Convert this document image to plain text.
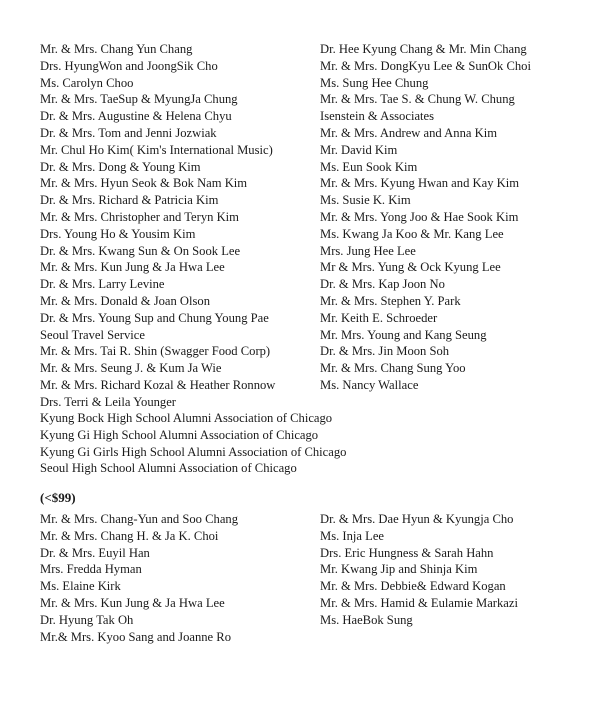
Mr. & Mrs. Chang Yun Chang
Drs. HyungWon and JoongSik Cho
Ms. Carolyn Choo
Mr. & Mrs. TaeSup & MyungJa Chung
Dr. & Mrs. Augustine & Helena Chyu
Dr. & Mrs. Tom and Jenni Jozwiak
Mr. Chul Ho Kim( Kim's International Music)
Dr. & Mrs. Dong & Young Kim
Mr. & Mrs. Hyun Seok & Bok Nam Kim
Dr. & Mrs. Richard & Patricia Kim
Mr. & Mrs. Christopher and Teryn Kim
Drs. Young Ho & Yousim Kim
Dr. & Mrs. Kwang Sun & On Sook Lee
Mr. & Mrs. Kun Jung & Ja Hwa Lee
Dr. & Mrs. Larry Levine
Mr. & Mrs. Donald & Joan Olson
Dr. & Mrs. Young Sup and Chung Young Pae
Seoul Travel Service
Mr. & Mrs. Tai R. Shin (Swagger Food Corp)
Mr. & Mrs. Seung J. & Kum Ja Wie
Mr. & Mrs. Richard Kozal & Heather Ronnow
Drs. Terri & Leila Younger
Dr. Hee Kyung Chang & Mr. Min Chang
Mr. & Mrs. DongKyu Lee & SunOk Choi
Ms. Sung Hee Chung
Mr. & Mrs. Tae S. & Chung W. Chung
Isenstein & Associates
Mr. & Mrs. Andrew and Anna Kim
Mr. David Kim
Ms. Eun Sook Kim
Mr. & Mrs. Kyung Hwan and Kay Kim
Ms. Susie K. Kim
Mr. & Mrs. Yong Joo & Hae Sook Kim
Ms. Kwang Ja Koo & Mr. Kang Lee
Mrs. Jung Hee Lee
Mr & Mrs. Yung & Ock Kyung Lee
Dr. & Mrs. Kap Joon No
Mr. & Mrs. Stephen Y. Park
Mr. Keith E. Schroeder
Mr. Mrs. Young and Kang Seung
Dr. & Mrs. Jin Moon Soh
Mr. & Mrs. Chang Sung Yoo
Ms. Nancy Wallace
Kyung Bock High School Alumni Association of Chicago
Kyung Gi High School Alumni Association of Chicago
Kyung Gi Girls High School Alumni Association of Chicago
Seoul High School Alumni Association of Chicago
(<$99)
Mr. & Mrs. Chang-Yun and Soo Chang
Mr. & Mrs. Chang H. & Ja K. Choi
Dr. & Mrs. Euyil Han
Mrs. Fredda Hyman
Ms. Elaine Kirk
Mr. & Mrs. Kun Jung & Ja Hwa Lee
Dr. Hyung Tak Oh
Mr.& Mrs. Kyoo Sang and Joanne Ro
Dr. & Mrs. Dae Hyun & Kyungja Cho
Ms. Inja Lee
Drs. Eric Hungness & Sarah Hahn
Mr. Kwang Jip and Shinja Kim
Mr. & Mrs. Debbie& Edward Kogan
Mr. & Mrs. Hamid & Eulamie Markazi
Ms. HaeBok Sung
